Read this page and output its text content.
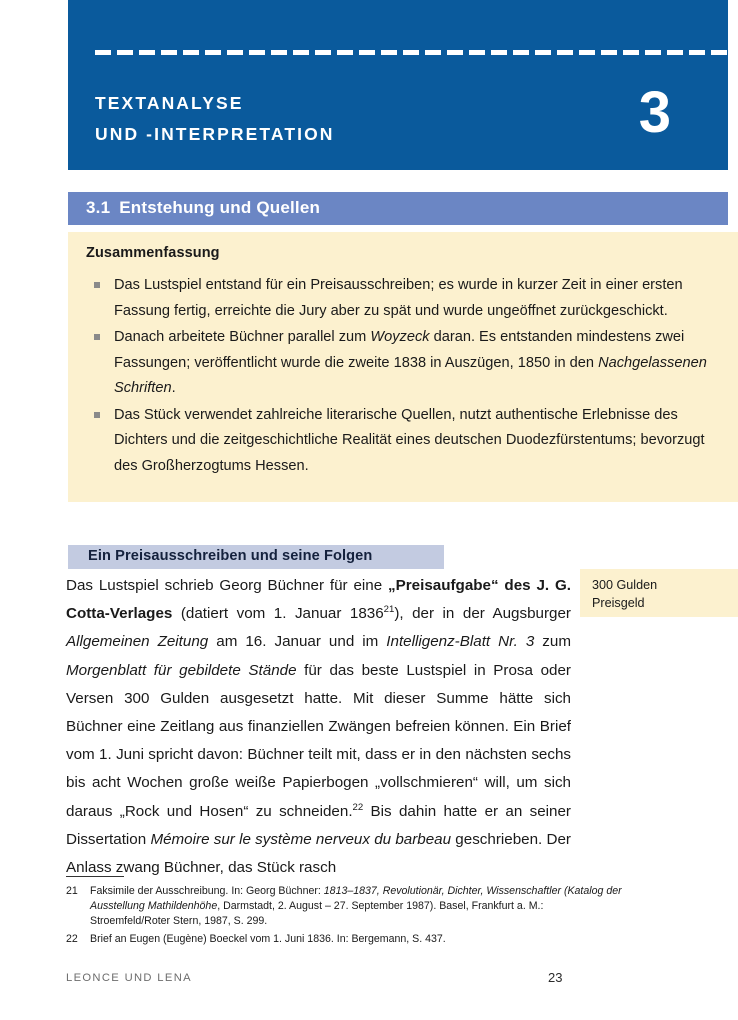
TEXTANALYSE
UND -INTERPRETATION	3
3.1 Entstehung und Quellen
Zusammenfassung
Das Lustspiel entstand für ein Preisausschreiben; es wurde in kurzer Zeit in einer ersten Fassung fertig, erreichte die Jury aber zu spät und wurde ungeöffnet zurückgeschickt.
Danach arbeitete Büchner parallel zum Woyzeck daran. Es entstanden mindestens zwei Fassungen; veröffentlicht wurde die zweite 1838 in Auszügen, 1850 in den Nachgelassenen Schriften.
Das Stück verwendet zahlreiche literarische Quellen, nutzt authentische Erlebnisse des Dichters und die zeitgeschichtliche Realität eines deutschen Duodezfürstentums; bevorzugt des Großherzogtums Hessen.
Ein Preisausschreiben und seine Folgen

300 Gulden

Preisgeld

Das Lustspiel schrieb Georg Büchner für eine „Preisaufgabe“ des J. G. Cotta-Verlages (datiert vom 1. Januar 1836$^{21}$), der in der Augsburger Allgemeinen Zeitung am 16. Januar und im Intelligenz-Blatt Nr. 3 zum Morgenblatt für gebildete Stände für das beste Lustspiel in Prosa oder Versen 300 Gulden ausgesetzt hatte. Mit dieser Summe hätte sich Büchner eine Zeitlang aus finanziellen Zwängen befreien können. Ein Brief vom 1. Juni spricht davon: Büchner teilt mit, dass er in den nächsten sechs bis acht Wochen große weiße Papierbogen „vollschmieren“ will, um sich daraus „Rock und Hosen“ zu schneiden.$^{22}$ Bis dahin hatte er an seiner Dissertation Mémoire sur le système nerveux du barbeau geschrieben. Der Anlass zwang Büchner, das Stück rasch

21	Faksimile der Ausschreibung. In: Georg Büchner: 1813–1837, Revolutionär, Dichter, Wissenschaftler (Katalog der Ausstellung Mathildenhöhe, Darmstadt, 2. August – 27. September 1987). Basel, Frankfurt a. M.: Stroemfeld/Roter Stern, 1987, S. 299.
22	Brief an Eugen (Eugène) Boeckel vom 1. Juni 1836. In: Bergemann, S. 437.
LEONCE UND LENA	23
